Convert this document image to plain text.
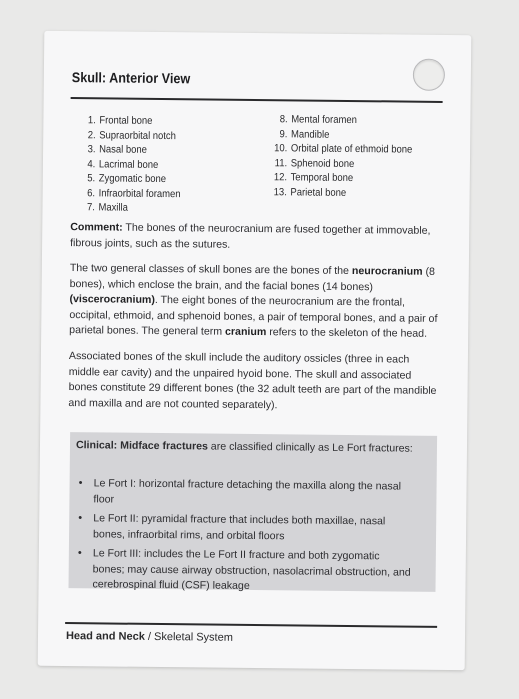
Skull: Anterior View
1. Frontal bone
2. Supraorbital notch
3. Nasal bone
4. Lacrimal bone
5. Zygomatic bone
6. Infraorbital foramen
7. Maxilla
8. Mental foramen
9. Mandible
10. Orbital plate of ethmoid bone
11. Sphenoid bone
12. Temporal bone
13. Parietal bone
Comment: The bones of the neurocranium are fused together at immovable, fibrous joints, such as the sutures.
The two general classes of skull bones are the bones of the neurocranium (8 bones), which enclose the brain, and the facial bones (14 bones) (viscerocranium). The eight bones of the neurocranium are the frontal, occipital, ethmoid, and sphenoid bones, a pair of temporal bones, and a pair of parietal bones. The general term cranium refers to the skeleton of the head.
Associated bones of the skull include the auditory ossicles (three in each middle ear cavity) and the unpaired hyoid bone. The skull and associated bones constitute 29 different bones (the 32 adult teeth are part of the mandible and maxilla and are not counted separately).
Clinical: Midface fractures are classified clinically as Le Fort fractures:
• Le Fort I: horizontal fracture detaching the maxilla along the nasal floor
• Le Fort II: pyramidal fracture that includes both maxillae, nasal bones, infraorbital rims, and orbital floors
• Le Fort III: includes the Le Fort II fracture and both zygomatic bones; may cause airway obstruction, nasolacrimal obstruction, and cerebrospinal fluid (CSF) leakage
Head and Neck / Skeletal System
